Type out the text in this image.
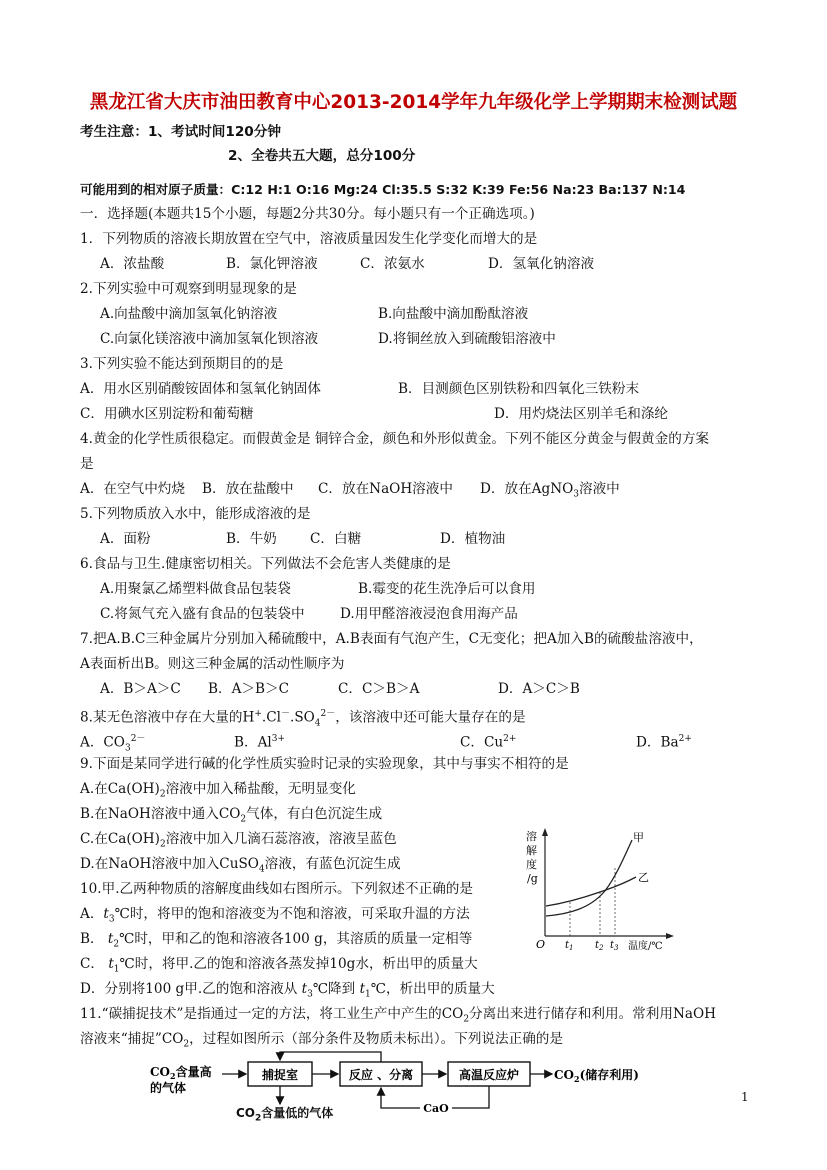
黑龙江省大庆市油田教育中心2013-2014学年九年级化学上学期期末检测试题
考生注意：1、考试时间120分钟
2、全卷共五大题，总分100分
可能用到的相对原子质量：C:12 H:1 O:16 Mg:24 Cl:35.5 S:32 K:39 Fe:56 Na:23 Ba:137 N:14
一．选择题(本题共15个小题，每题2分共30分。每小题只有一个正确选项。)
1．下列物质的溶液长期放置在空气中，溶液质量因发生化学变化而增大的是
A．浓盐酸	B．氯化钾溶液	C．浓氨水	D．氢氧化钠溶液
2.下列实验中可观察到明显现象的是
A.向盐酸中滴加氢氧化钠溶液	B.向盐酸中滴加酚酞溶液
C.向氯化镁溶液中滴加氢氧化钡溶液	D.将铜丝放入到硫酸铝溶液中
3.下列实验不能达到预期目的的是
A．用水区别硝酸铵固体和氢氧化钠固体	B．目测颜色区别铁粉和四氧化三铁粉末
C．用碘水区别淀粉和葡萄糖	D．用灼烧法区别羊毛和涤纶
4.黄金的化学性质很稳定。而假黄金是 铜锌合金，颜色和外形似黄金。下列不能区分黄金与假黄金的方案
是
A．在空气中灼烧 B．放在盐酸中 C．放在NaOH溶液中 D．放在AgNO$_3$溶液中
5.下列物质放入水中，能形成溶液的是
A．面粉	B．牛奶 C．白糖	D．植物油
6.食品与卫生.健康密切相关。下列做法不会危害人类健康的是
A.用聚氯乙烯塑料做食品包装袋	B.霉变的花生洗净后可以食用
C.将氮气充入盛有食品的包装袋中	D.用甲醛溶液浸泡食用海产品
7.把A.B.C三种金属片分别加入稀硫酸中，A.B表面有气泡产生，C无变化；把A加入B的硫酸盐溶液中，
A表面析出B。则这三种金属的活动性顺序为
A．B＞A＞C B．A＞B＞C	C．C＞B＞A	D．A＞C＞B
8.某无色溶液中存在大量的$H^+.Cl^-.SO_4^{2-}$，该溶液中还可能大量存在的是
A．$CO_3^{2-}$	B．$Al^{3+}$	C．$Cu^{2+}$	D．$Ba^{2+}$
9.下面是某同学进行碱的化学性质实验时记录的实验现象，其中与事实不相符的是
A.在$Ca(OH)_2$溶液中加入稀盐酸，无明显变化
B.在NaOH溶液中通入$CO_2$气体，有白色沉淀生成
C.在$Ca(OH)_2$溶液中加入几滴石蕊溶液，溶液呈蓝色
D.在NaOH溶液中加入CuSO$_4$溶液，有蓝色沉淀生成
10.甲.乙两种物质的溶解度曲线如右图所示。下列叙述不正确的是
A．$t_3℃$时，将甲的饱和溶液变为不饱和溶液，可采取升温的方法
B． $t_2℃$时，甲和乙的饱和溶液各100 g，其溶质的质量一定相等
C． $t_1℃$时，将甲.乙的饱和溶液各蒸发掉10g水，析出甲的质量大
D．分别将100 g甲.乙的饱和溶液从 $t_3℃$降到 $t_1℃$，析出甲的质量大
溶
解
度
/g
甲
乙
O $t_1$ $t_2$ $t_3$ 温度/℃
11.“碳捕捉技术”是指通过一定的方法，将工业生产中产生的$CO_2$分离出来进行储存和利用。常利用NaOH
溶液来“捕捉$”CO_2$，过程如图所示（部分条件及物质未标出）。下列说法正确的是
$CO_2$含量高
的气体
捕捉室	反应 、分离	高温反应炉	$CO_2$(储存利用)
CaO
$CO_2$含量低的气体
1
